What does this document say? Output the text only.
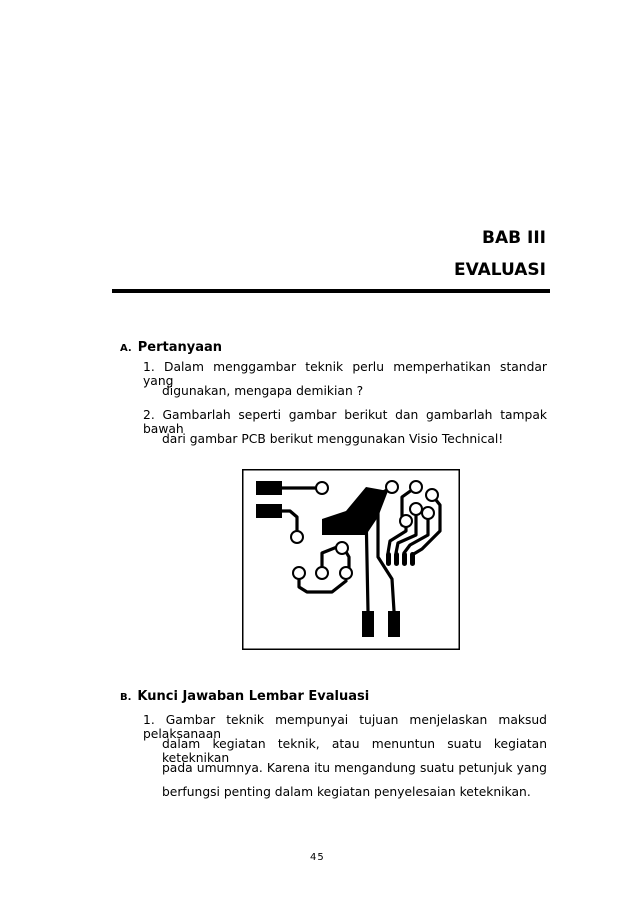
BAB III
EVALUASI
A. Pertanyaan
1. Dalam menggambar teknik perlu memperhatikan standar yang
digunakan, mengapa demikian ?
2. Gambarlah seperti gambar berikut dan gambarlah tampak bawah
dari gambar PCB berikut menggunakan Visio Technical!
B. Kunci Jawaban Lembar Evaluasi
1. Gambar teknik mempunyai tujuan menjelaskan maksud pelaksanaan
dalam kegiatan teknik, atau menuntun suatu kegiatan keteknikan
pada umumnya. Karena itu mengandung suatu petunjuk yang
berfungsi penting dalam kegiatan penyelesaian keteknikan.
45
